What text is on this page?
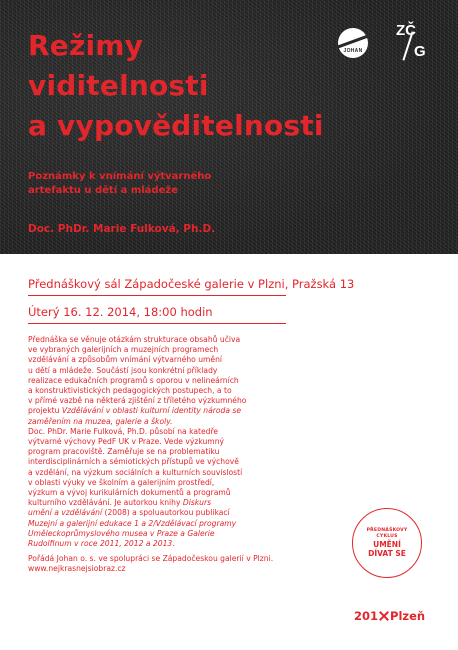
Režimy
viditelnosti
a vypověditelnosti
Poznámky k vnímání výtvarného
artefaktu u dětí a mládeže
Doc. PhDr. Marie Fulková, Ph.D.
JOHAN
ZČ
G
Přednáškový sál Západočeské galerie v Plzni, Pražská 13
Úterý 16. 12. 2014, 18:00 hodin
Přednáška se věnuje otázkám strukturace obsahů učiva
ve vybraných galerijních a muzejních programech
vzdělávání a způsobům vnímání výtvarného umění
u dětí a mládeže. Součástí jsou konkrétní příklady
realizace edukačních programů s oporou v nelineárních
a konstruktivistických pedagogických postupech, a to
v přímé vazbě na některá zjištění z tříletého výzkumného
projektu Vzdělávání v oblasti kulturní identity národa se
zaměřením na muzea, galerie a školy.
Doc. PhDr. Marie Fulková, Ph.D. působí na katedře
výtvarné výchovy PedF UK v Praze. Vede výzkumný
program pracoviště. Zaměřuje se na problematiku
interdisciplinárních a sémiotických přístupů ve výchově
a vzdělání, na výzkum sociálních a kulturních souvislostí
v oblasti výuky ve školním a galerijním prostředí,
výzkum a vývoj kurikulárních dokumentů a programů
kulturního vzdělávání. Je autorkou knihy Diskurs
umění a vzdělávání (2008) a spoluautorkou publikací
Muzejní a galerijní edukace 1 a 2/Vzdělávací programy
Uměleckoprůmyslového musea v Praze a Galerie
Rudolfinum v roce 2011, 2012 a 2013.
Pořádá Johan o. s. ve spolupráci se Západočeskou galerií v Plzni.
www.nejkrasnejsiobraz.cz
PŘEDNÁŠKOVÝ
CYKLUS
UMĚNÍ
DÍVAT SE
201 Plzeň
